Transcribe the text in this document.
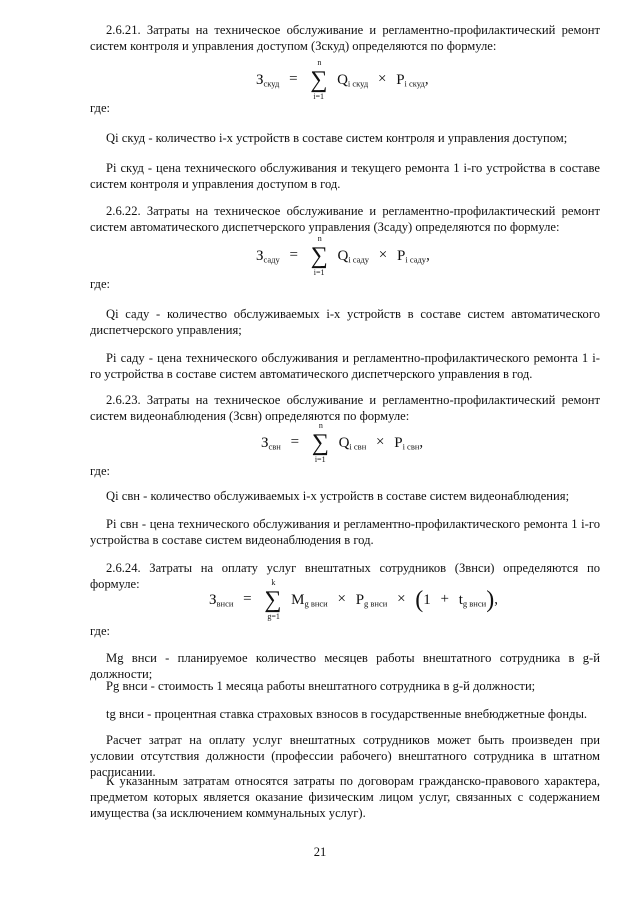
2.6.21. Затраты на техническое обслуживание и регламентно-профилактический ремонт систем контроля и управления доступом (Зскуд) определяются по формуле:

$З_{скуд}$ =
n
∑
i=1
$Q_{i скуд} \times P_{i скуд}$,

где:

Qi скуд - количество i-х устройств в составе систем контроля и управления доступом;

Pi скуд - цена технического обслуживания и текущего ремонта 1 i-го устройства в составе систем контроля и управления доступом в год.

2.6.22. Затраты на техническое обслуживание и регламентно-профилактический ремонт систем автоматического диспетчерского управления (Зсаду) определяются по формуле:

$З_{саду}$ =
n
∑
i=1
$Q_{i саду} \times P_{i саду}$,

где:

Qi саду - количество обслуживаемых i-х устройств в составе систем автоматического диспетчерского управления;

Pi саду - цена технического обслуживания и регламентно-профилактического ремонта 1 i-го устройства в составе систем автоматического диспетчерского управления в год.

2.6.23. Затраты на техническое обслуживание и регламентно-профилактический ремонт систем видеонаблюдения (Зсвн) определяются по формуле:

$З_{свн}$ =
n
∑
i=1
$Q_{i свн} \times P_{i свн}$,

где:

Qi свн - количество обслуживаемых i-х устройств в составе систем видеонаблюдения;

Pi свн - цена технического обслуживания и регламентно-профилактического ремонта 1 i-го устройства в составе систем видеонаблюдения в год.

2.6.24. Затраты на оплату услуг внештатных сотрудников (Звнси) определяются по формуле:

$З_{внси}$ =
k
∑
g=1
$M_{g внси} \times P_{g внси} \times (1 + t_{g внси})$,

где:

Mg внси - планируемое количество месяцев работы внештатного сотрудника в g-й должности;

Pg внси - стоимость 1 месяца работы внештатного сотрудника в g-й должности;

tg внси - процентная ставка страховых взносов в государственные внебюджетные фонды.

Расчет затрат на оплату услуг внештатных сотрудников может быть произведен при условии отсутствия должности (профессии рабочего) внештатного сотрудника в штатном расписании.

К указанным затратам относятся затраты по договорам гражданско-правового характера, предметом которых является оказание физическим лицом услуг, связанных с содержанием имущества (за исключением коммунальных услуг).

21
